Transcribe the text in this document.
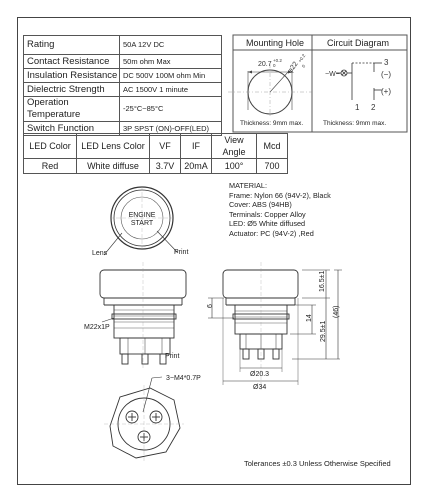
Rating	50A 12V DC
Contact Resistance	50m ohm Max
Insulation Resistance	DC 500V 100M ohm Min
Dielectric Strength	AC 1500V 1 minute
Operation Temperature	-25°C~85°C
Switch Function	3P SPST (ON)-OFF(LED)
20.7
+0.2
0 φ22
+0.2
0
−W−
3
(−)
(+)
1 2
Mounting Hole	Circuit Diagram
Thickness: 9mm max.	Thickness: 9mm max.
LED Color	LED Lens Color	VF	IF	View Angle	Mcd
Red	White diffuse	3.7V	20mA	100°	700
ENGINE
START
Lens	Print
M22x1P
Print
3−M4*0.7P
6
14
16.5±1
29.5±1
(46)
Ø20.3
Ø34
MATERIAL:
Frame: Nylon 66 (94V-2), Black
Cover: ABS (94HB)
Terminals: Copper Alloy
LED: Ø5 White diffused
Actuator: PC (94V-2) ,Red
Tolerances ±0.3 Unless Otherwise Specified
